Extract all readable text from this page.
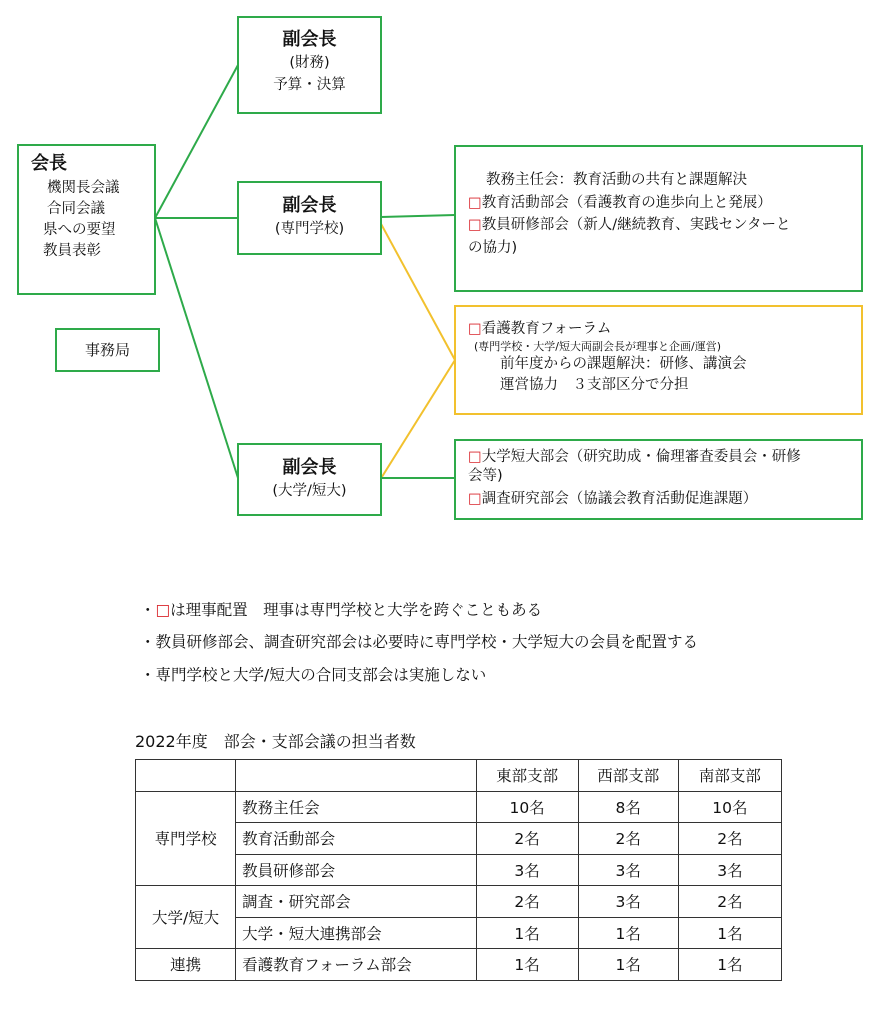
会長
機関長会議
合同会議
県への要望
教員表彰
事務局
副会長
(財務)
予算・決算
副会長
(専門学校)
副会長
(大学/短大)
教務主任会：教育活動の共有と課題解決
□教育活動部会（看護教育の進歩向上と発展）
□教員研修部会（新人/継続教育、実践センターと
の協力)
□看護教育フォーラム
(専門学校・大学/短大両副会長が理事と企画/運営)
前年度からの課題解決：研修、講演会
運営協力　３支部区分で分担
□大学短大部会（研究助成・倫理審査委員会・研修
会等)
□調査研究部会（協議会教育活動促進課題）
・□は理事配置　理事は専門学校と大学を跨ぐこともある
・教員研修部会、調査研究部会は必要時に専門学校・大学短大の会員を配置する
・専門学校と大学/短大の合同支部会は実施しない
2022年度　部会・支部会議の担当者数
		東部支部	西部支部	南部支部
専門学校	教務主任会	10名	8名	10名
	教育活動部会	2名	2名	2名
	教員研修部会	3名	3名	3名
大学/短大	調査・研究部会	2名	3名	2名
	大学・短大連携部会	1名	1名	1名
連携	看護教育フォーラム部会	1名	1名	1名
